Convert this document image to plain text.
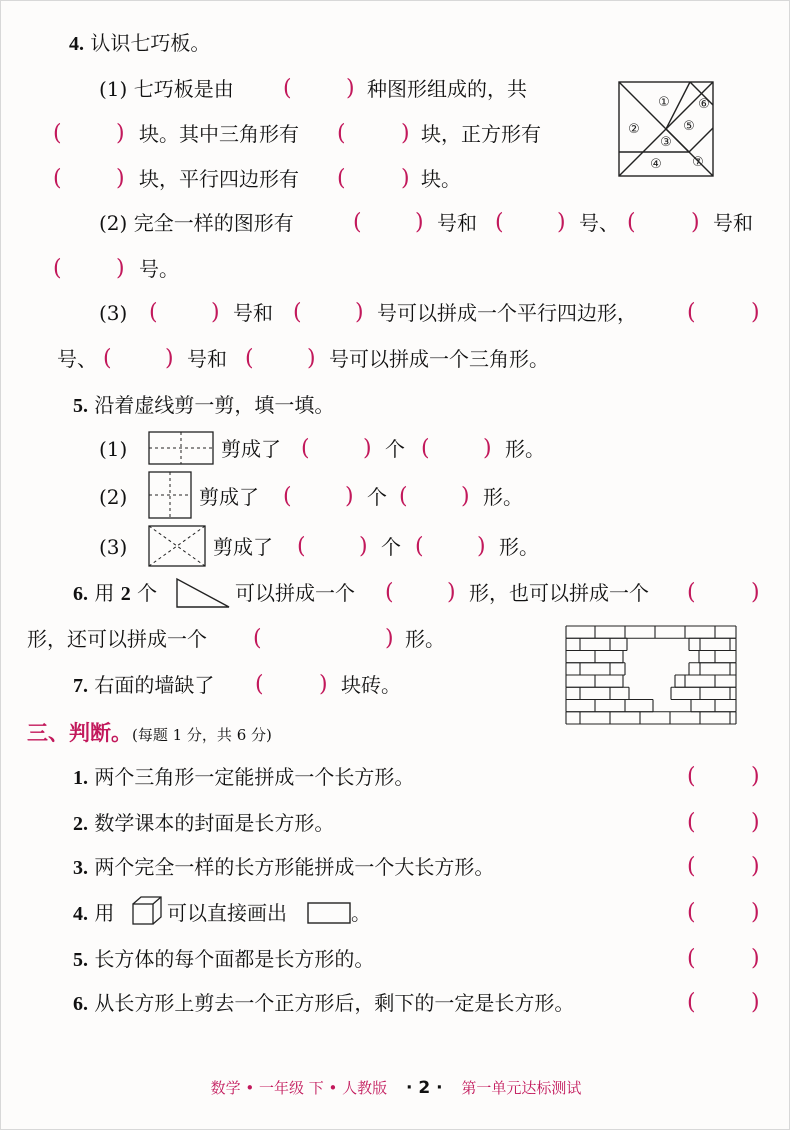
4. 认识七巧板。
(1) 七巧板是由 ( ) 种图形组成的，共
( ) 块。其中三角形有 (	) 块，正方形有
( ) 块，平行四边形有 (	) 块。
①
②
③
④
⑤
⑥
⑦
(2) 完全一样的图形有	( ) 号和 ( ) 号、 (	) 号和
( ) 号。
(3) ( ) 号和 ( ) 号可以拼成一个平行四边形， (	)
号、 ( ) 号和 ( ) 号可以拼成一个三角形。
5. 沿着虚线剪一剪，填一填。
(1)	剪成了 ( ) 个 ( ) 形。
(2)	剪成了 ( ) 个 ( ) 形。
(3)	剪成了 ( ) 个 ( ) 形。
6. 用 2 个	可以拼成一个 ( ) 形，也可以拼成一个 (	)
形，还可以拼成一个 (	) 形。
7. 右面的墙缺了 (	) 块砖。
三、判断。(每题 1 分，共 6 分)
1. 两个三角形一定能拼成一个长方形。	(	)
2. 数学课本的封面是长方形。	(	)
3. 两个完全一样的长方形能拼成一个大长方形。	(	)
4. 用	可以直接画出	。	(	)
5. 长方体的每个面都是长方形的。	(	)
6. 从长方形上剪去一个正方形后，剩下的一定是长方形。	(	)
数学 • 一年级 下 • 人教版 · 2 · 第一单元达标测试
